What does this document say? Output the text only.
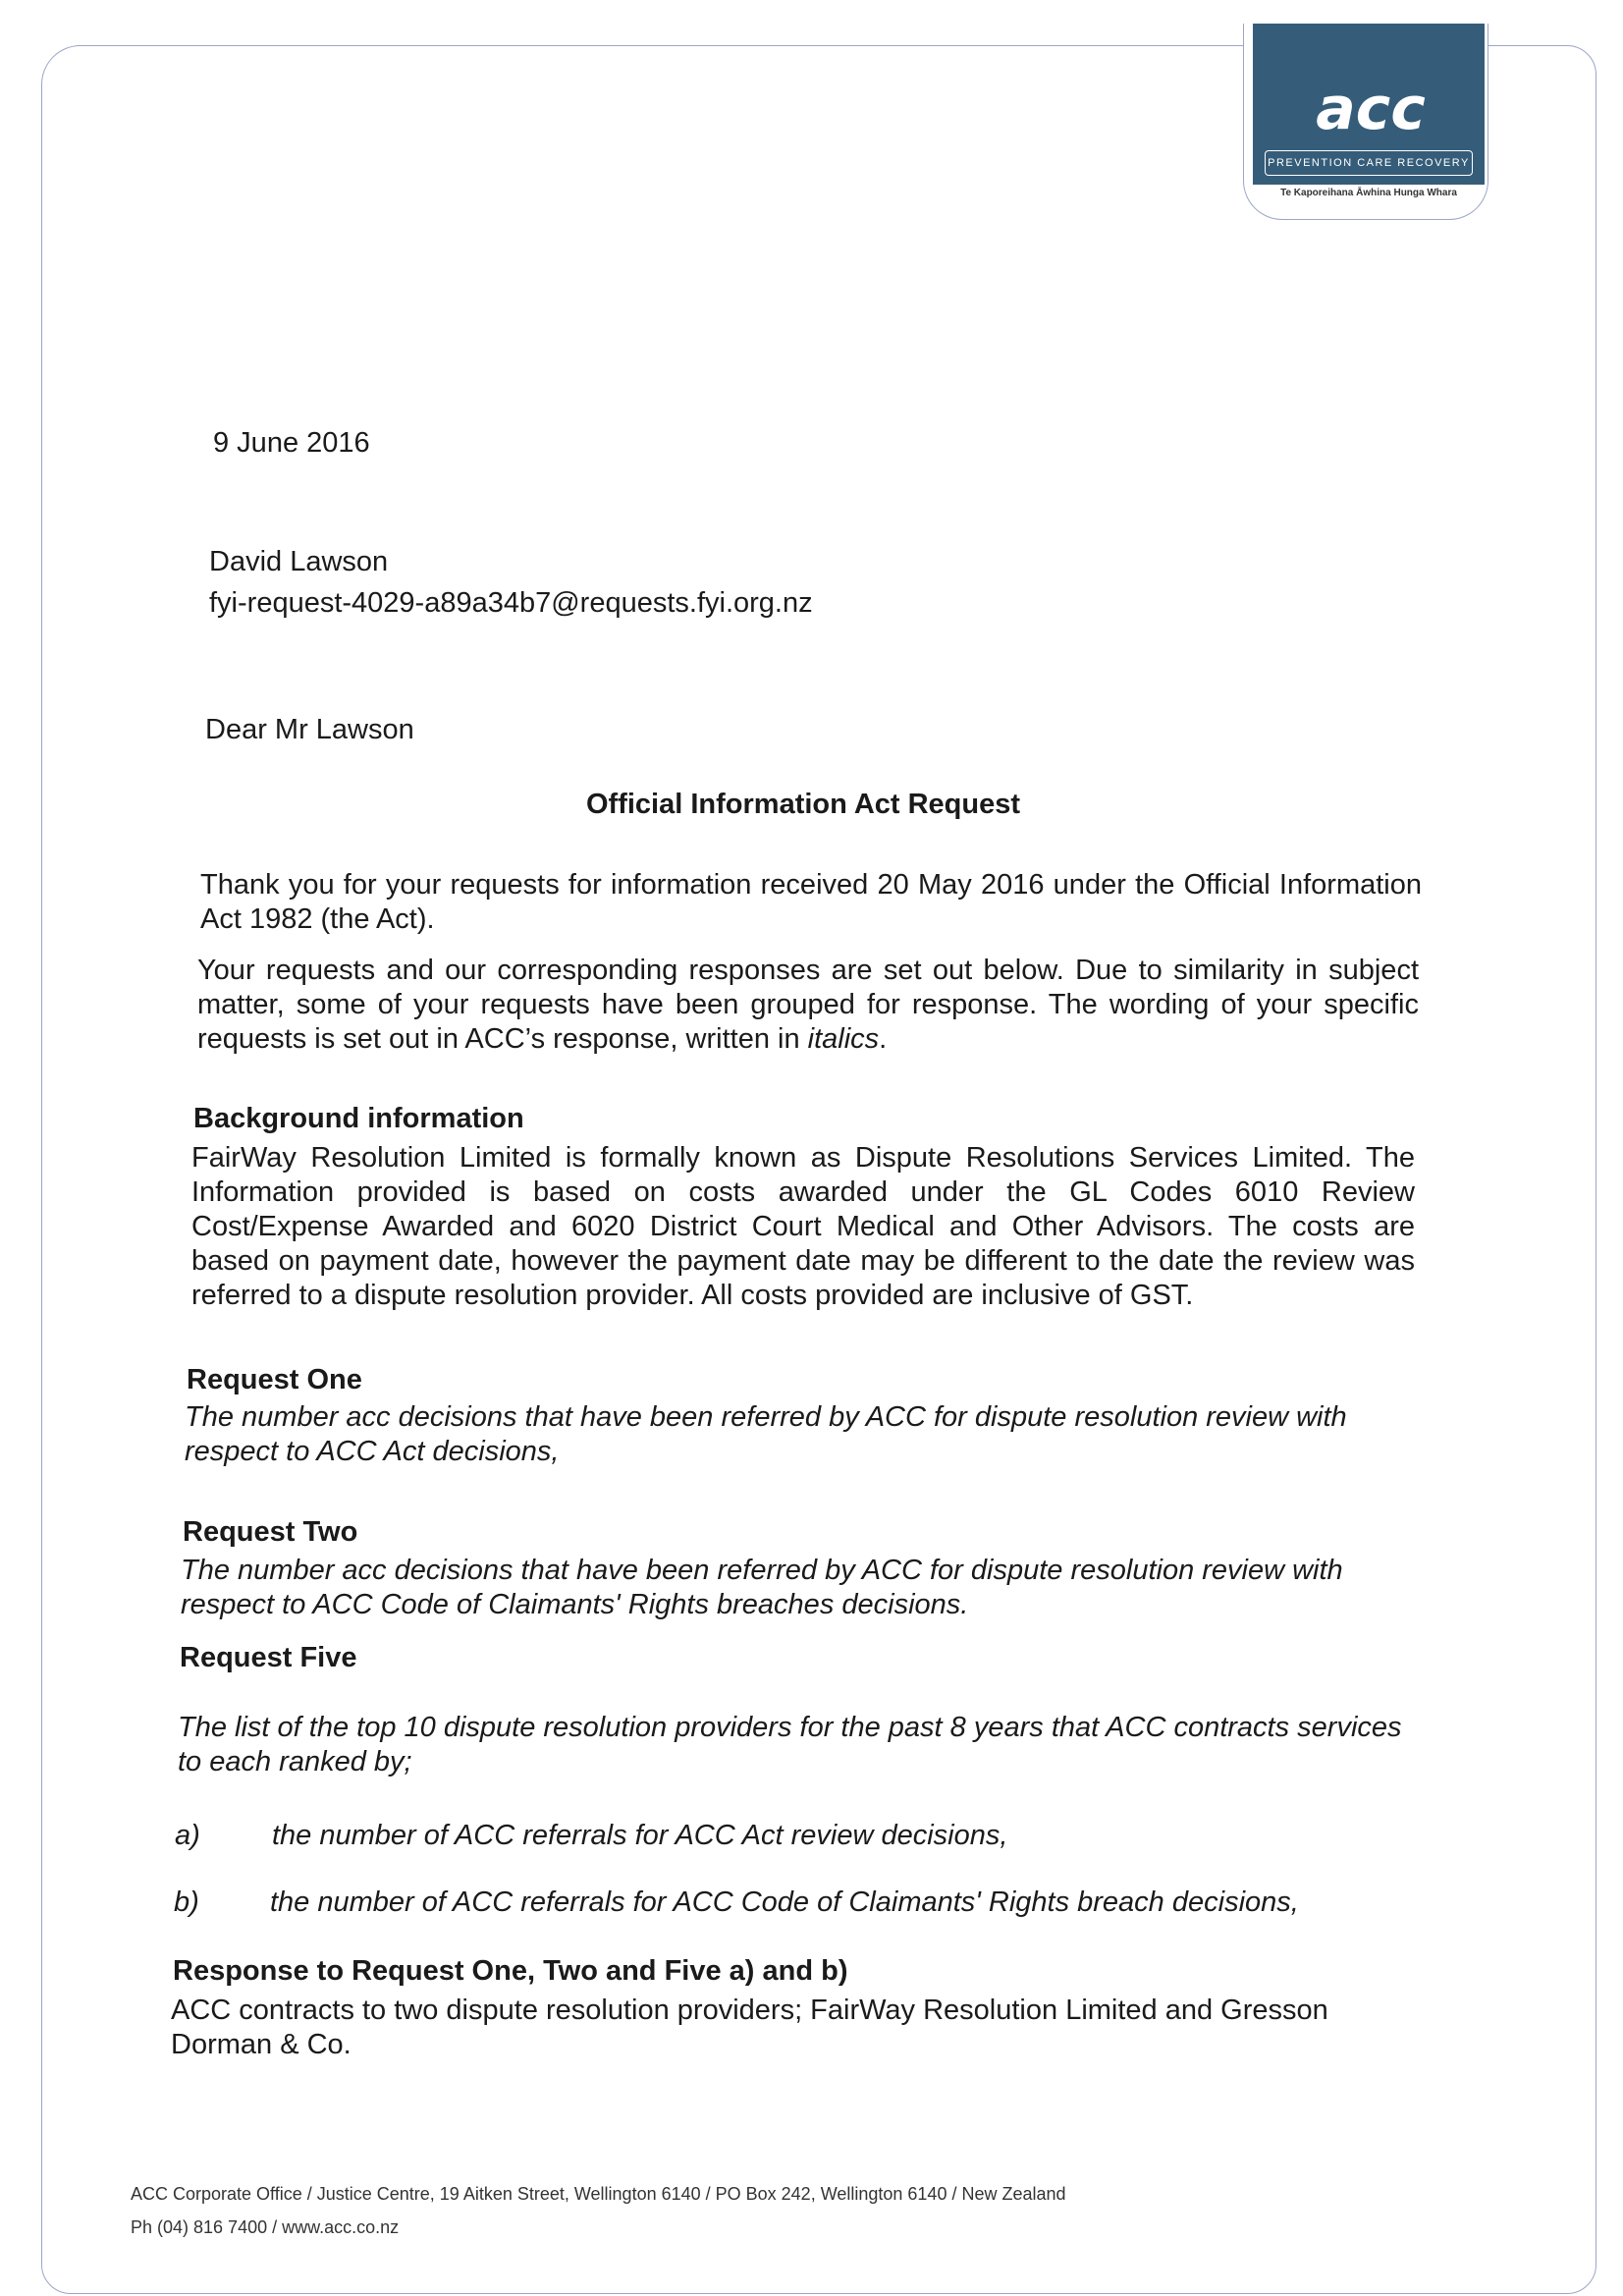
acc
PREVENTION CARE RECOVERY
Te Kaporeihana Āwhina Hunga Whara
9 June 2016
David Lawson
fyi-request-4029-a89a34b7@requests.fyi.org.nz
Dear Mr Lawson
Official Information Act Request
Thank you for your requests for information received 20 May 2016 under the Official Information Act 1982 (the Act).
Your requests and our corresponding responses are set out below. Due to similarity in subject matter, some of your requests have been grouped for response. The wording of your specific requests is set out in ACC’s response, written in italics.
Background information
FairWay Resolution Limited is formally known as Dispute Resolutions Services Limited. The Information provided is based on costs awarded under the GL Codes 6010 Review Cost/Expense Awarded and 6020 District Court Medical and Other Advisors. The costs are based on payment date, however the payment date may be different to the date the review was referred to a dispute resolution provider. All costs provided are inclusive of GST.
Request One
The number acc decisions that have been referred by ACC for dispute resolution review with respect to ACC Act decisions,
Request Two
The number acc decisions that have been referred by ACC for dispute resolution review with respect to ACC Code of Claimants' Rights breaches decisions.
Request Five
The list of the top 10 dispute resolution providers for the past 8 years that ACC contracts services to each ranked by;
a)	the number of ACC referrals for ACC Act review decisions,
b) the number of ACC referrals for ACC Code of Claimants' Rights breach decisions,
Response to Request One, Two and Five a) and b)
ACC contracts to two dispute resolution providers; FairWay Resolution Limited and Gresson Dorman & Co.
ACC Corporate Office / Justice Centre, 19 Aitken Street, Wellington 6140 / PO Box 242, Wellington 6140 / New Zealand
Ph (04) 816 7400 / www.acc.co.nz
